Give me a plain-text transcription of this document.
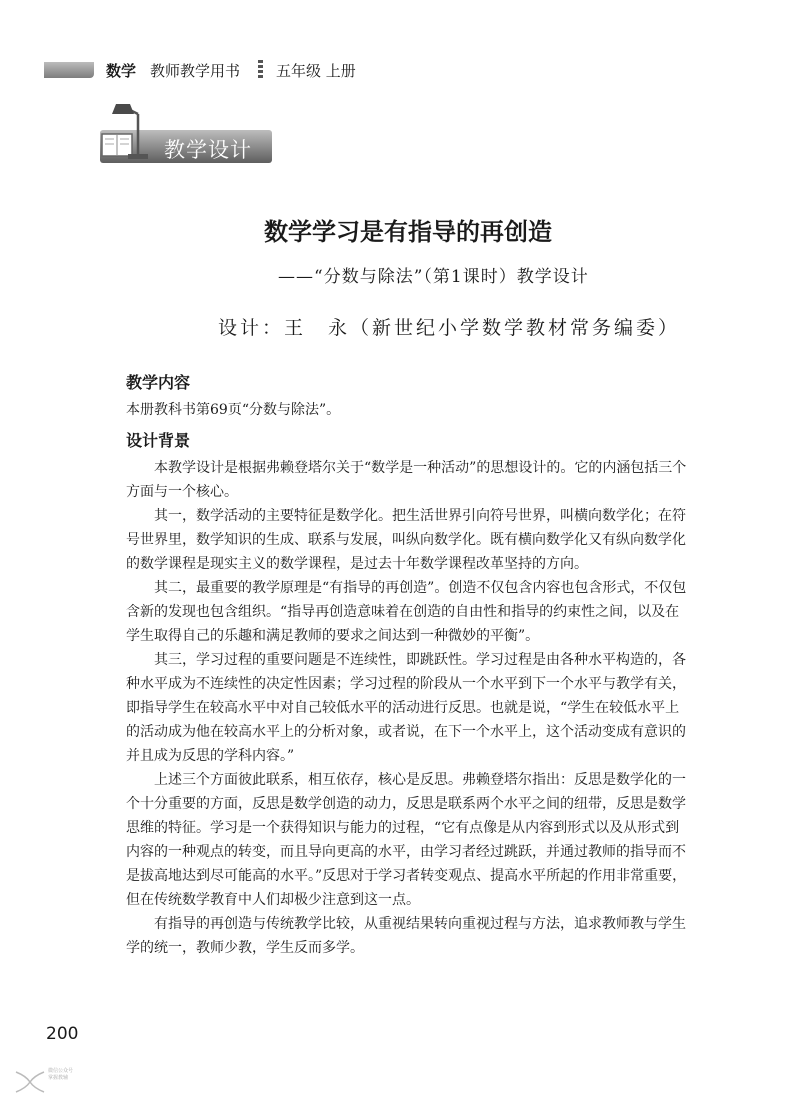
数学 教师教学用书 五年级 上册
教学设计
数学学习是有指导的再创造
——“分数与除法”（第1课时）教学设计
设计：王　永（新世纪小学数学教材常务编委）
教学内容

本册教科书第69页“分数与除法”。

设计背景

本教学设计是根据弗赖登塔尔关于“数学是一种活动”的思想设计的。它的内涵包括三个方面与一个核心。

其一，数学活动的主要特征是数学化。把生活世界引向符号世界，叫横向数学化；在符号世界里，数学知识的生成、联系与发展，叫纵向数学化。既有横向数学化又有纵向数学化的数学课程是现实主义的数学课程，是过去十年数学课程改革坚持的方向。

其二，最重要的教学原理是“有指导的再创造”。创造不仅包含内容也包含形式，不仅包含新的发现也包含组织。“指导再创造意味着在创造的自由性和指导的约束性之间，以及在学生取得自己的乐趣和满足教师的要求之间达到一种微妙的平衡”。

其三，学习过程的重要问题是不连续性，即跳跃性。学习过程是由各种水平构造的，各种水平成为不连续性的决定性因素；学习过程的阶段从一个水平到下一个水平与教学有关，即指导学生在较高水平中对自己较低水平的活动进行反思。也就是说，“学生在较低水平上的活动成为他在较高水平上的分析对象，或者说，在下一个水平上，这个活动变成有意识的并且成为反思的学科内容。”

上述三个方面彼此联系，相互依存，核心是反思。弗赖登塔尔指出：反思是数学化的一个十分重要的方面，反思是数学创造的动力，反思是联系两个水平之间的纽带，反思是数学思维的特征。学习是一个获得知识与能力的过程，“它有点像是从内容到形式以及从形式到内容的一种观点的转变，而且导向更高的水平，由学习者经过跳跃，并通过教师的指导而不是拔高地达到尽可能高的水平。”反思对于学习者转变观点、提高水平所起的作用非常重要，但在传统数学教育中人们却极少注意到这一点。

有指导的再创造与传统教学比较，从重视结果转向重视过程与方法，追求教师教与学生学的统一，教师少教，学生反而多学。

200
微信公众号
掌握教辅
